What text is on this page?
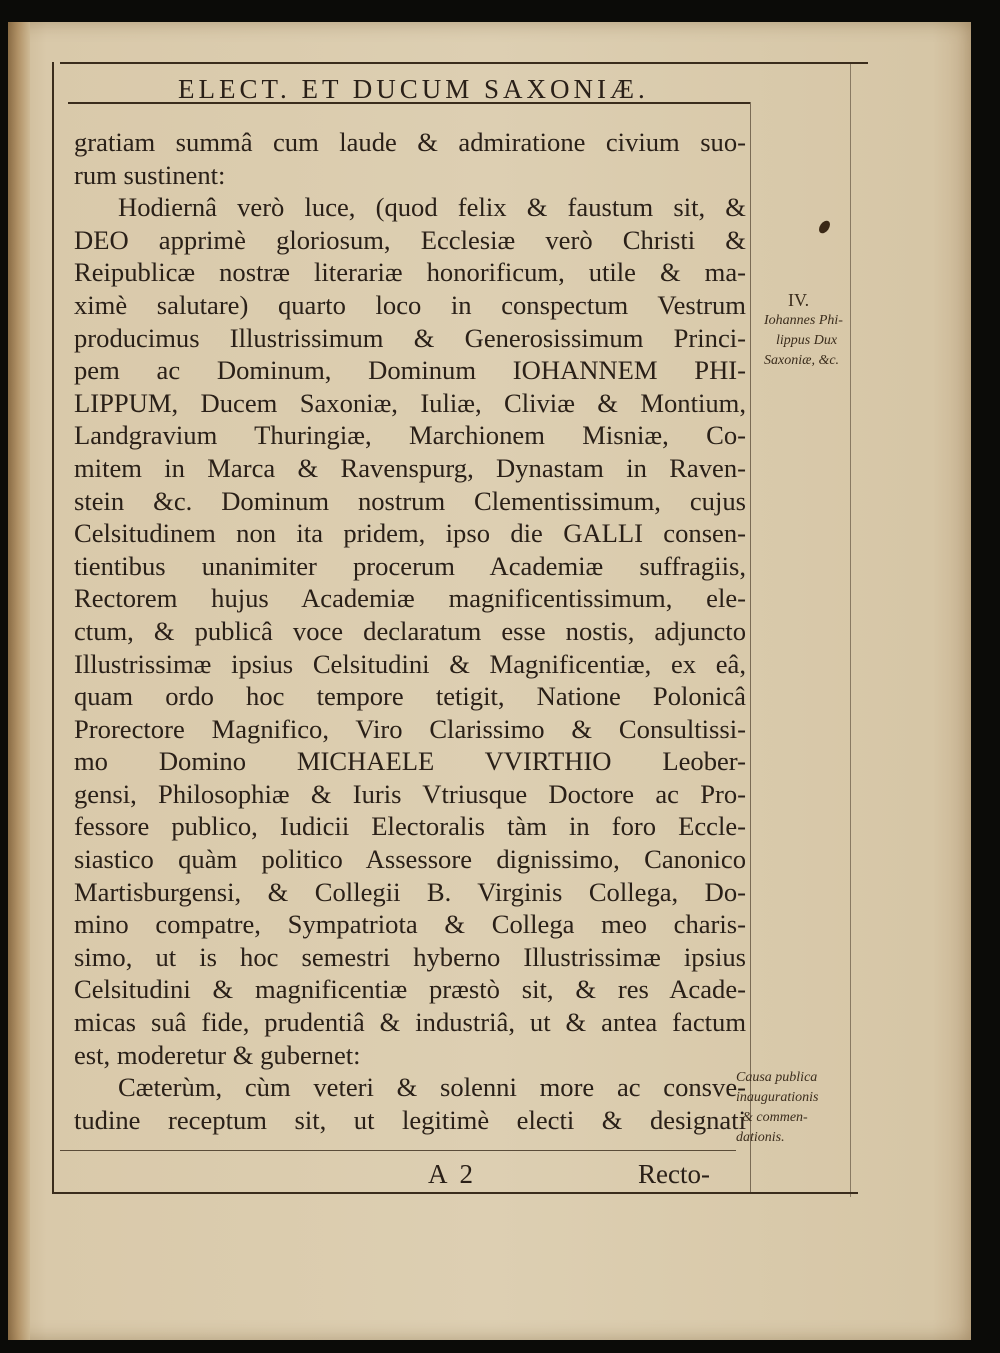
ELECT. ET DUCUM SAXONIÆ.
gratiam summâ cum laude & admiratione civium suo-
rum sustinent:
Hodiernâ verò luce, (quod felix & faustum sit, &
DEO apprimè gloriosum, Ecclesiæ verò Christi &
Reipublicæ nostræ literariæ honorificum, utile & ma-
ximè salutare) quarto loco in conspectum Vestrum
producimus Illustrissimum & Generosissimum Princi-
pem ac Dominum, Dominum IOHANNEM PHI-
LIPPUM, Ducem Saxoniæ, Iuliæ, Cliviæ & Montium,
Landgravium Thuringiæ, Marchionem Misniæ, Co-
mitem in Marca & Ravenspurg, Dynastam in Raven-
stein &c. Dominum nostrum Clementissimum, cujus
Celsitudinem non ita pridem, ipso die GALLI consen-
tientibus unanimiter procerum Academiæ suffragiis,
Rectorem hujus Academiæ magnificentissimum, ele-
ctum, & publicâ voce declaratum esse nostis, adjuncto
Illustrissimæ ipsius Celsitudini & Magnificentiæ, ex eâ,
quam ordo hoc tempore tetigit, Natione Polonicâ
Prorectore Magnifico, Viro Clarissimo & Consultissi-
mo Domino MICHAELE VVIRTHIO Leober-
gensi, Philosophiæ & Iuris Vtriusque Doctore ac Pro-
fessore publico, Iudicii Electoralis tàm in foro Eccle-
siastico quàm politico Assessore dignissimo, Canonico
Martisburgensi, & Collegii B. Virginis Collega, Do-
mino compatre, Sympatriota & Collega meo charis-
simo, ut is hoc semestri hyberno Illustrissimæ ipsius
Celsitudini & magnificentiæ præstò sit, & res Acade-
micas suâ fide, prudentiâ & industriâ, ut & antea factum
est, moderetur & gubernet:
Cæterùm, cùm veteri & solenni more ac consve-
tudine receptum sit, ut legitimè electi & designati
IV.
Iohannes Phi-
lippus Dux
Saxoniæ, &c.
Causa publica
inaugurationis
& commen-
dationis.
A  2	Recto-
